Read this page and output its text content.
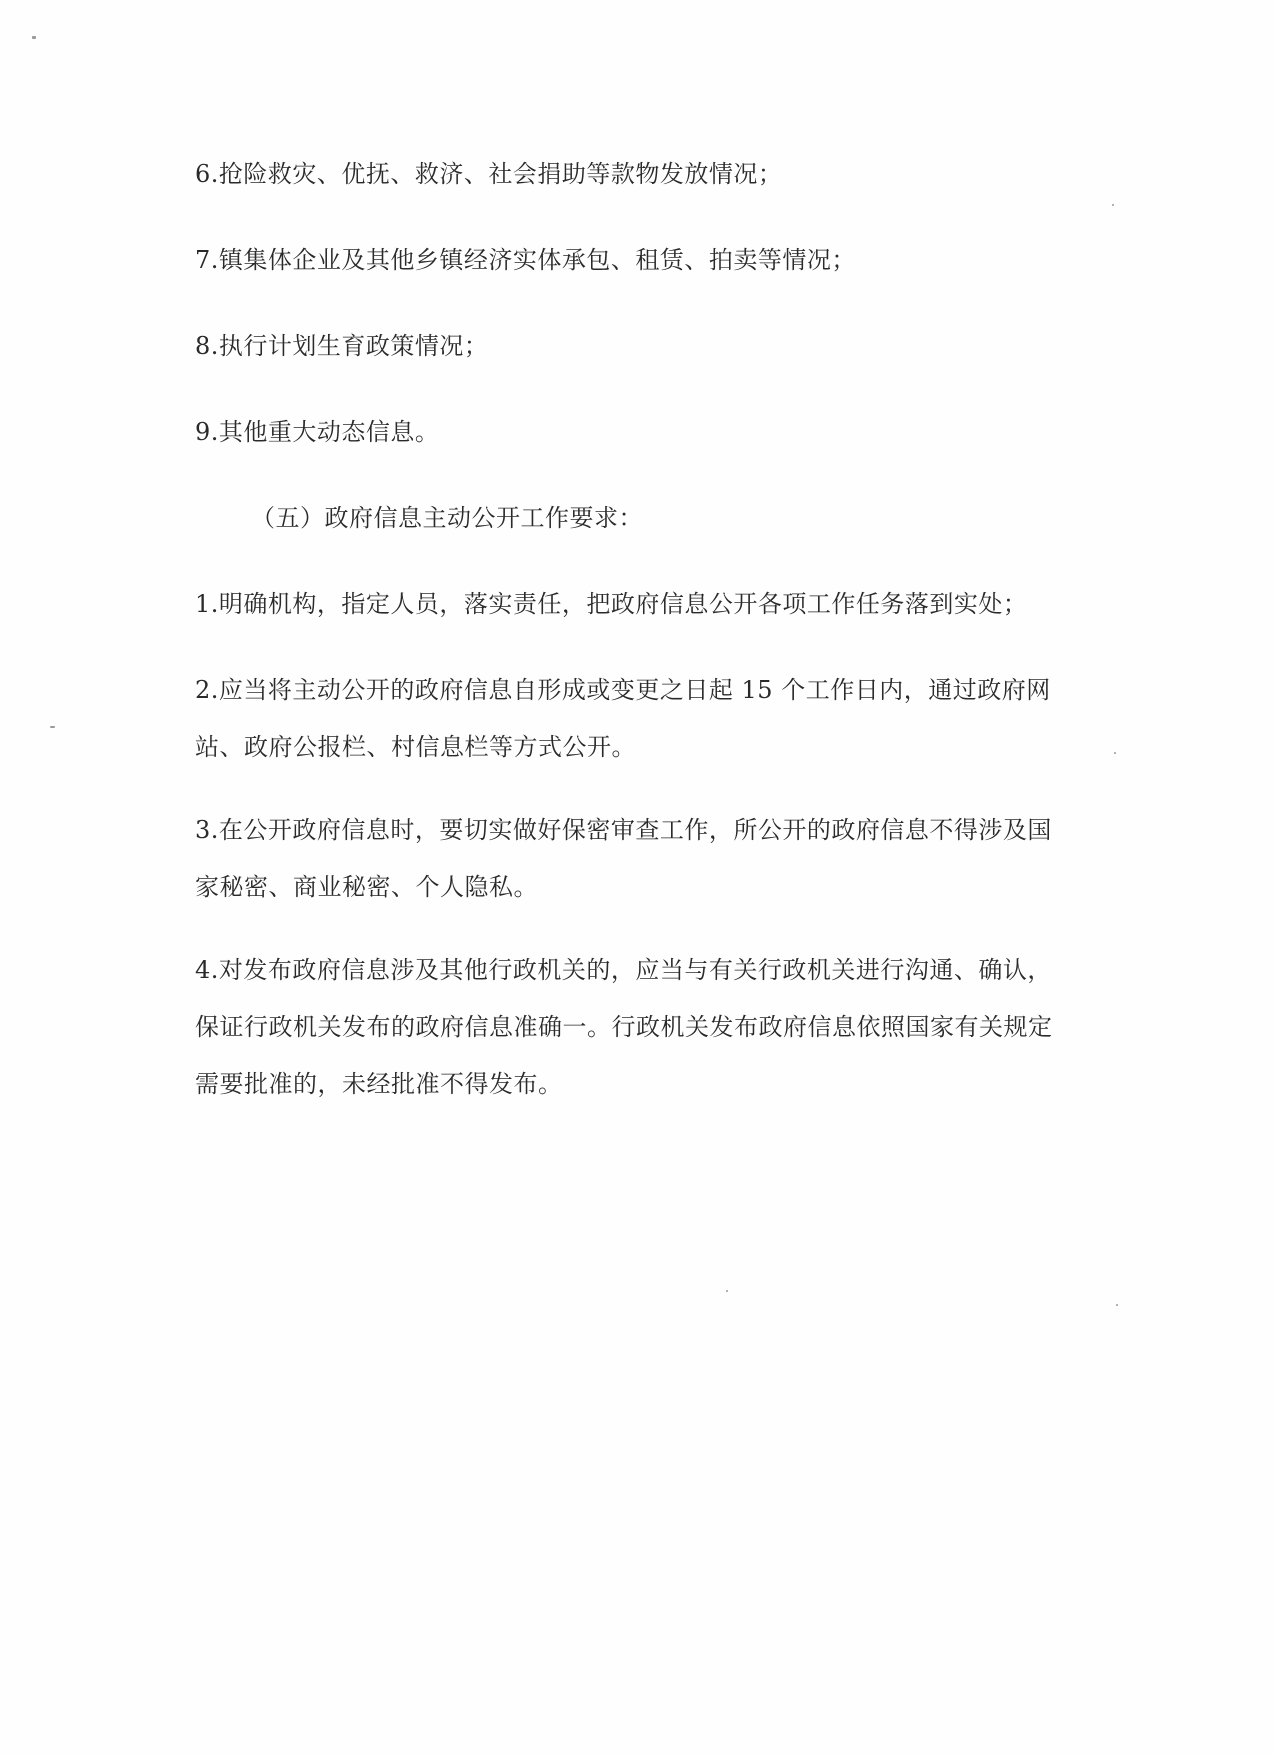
6.抢险救灾、优抚、救济、社会捐助等款物发放情况；

7.镇集体企业及其他乡镇经济实体承包、租赁、拍卖等情况；

8.执行计划生育政策情况；

9.其他重大动态信息。

（五）政府信息主动公开工作要求：

1.明确机构，指定人员，落实责任，把政府信息公开各项工作任务落到实处；

2.应当将主动公开的政府信息自形成或变更之日起 15 个工作日内，通过政府网

站、政府公报栏、村信息栏等方式公开。

3.在公开政府信息时，要切实做好保密审查工作，所公开的政府信息不得涉及国

家秘密、商业秘密、个人隐私。

4.对发布政府信息涉及其他行政机关的，应当与有关行政机关进行沟通、确认，

保证行政机关发布的政府信息准确一。行政机关发布政府信息依照国家有关规定

需要批准的，未经批准不得发布。
